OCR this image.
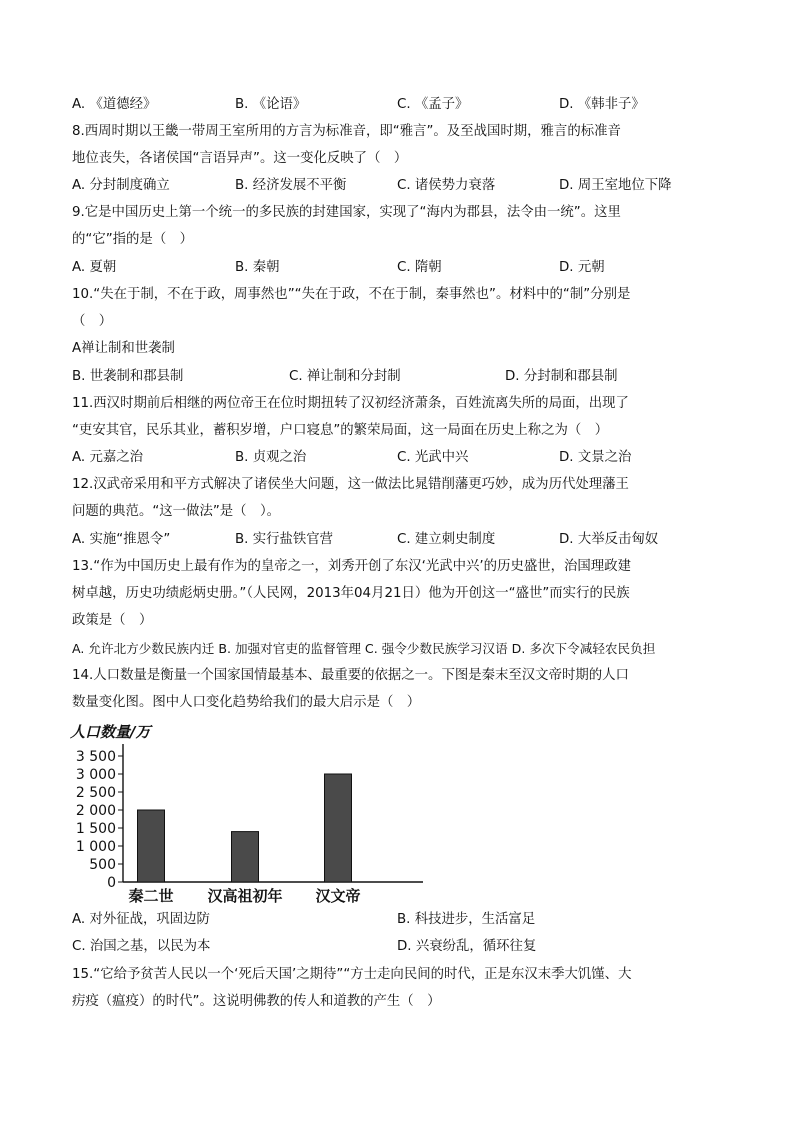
A. 《道德经》	B. 《论语》	C. 《孟子》	D. 《韩非子》
8.西周时期以王畿一带周王室所用的方言为标准音，即“雅言”。及至战国时期，雅言的标准音
地位丧失，各诸侯国“言语异声”。这一变化反映了（　）
A. 分封制度确立	B. 经济发展不平衡	C. 诸侯势力衰落	D. 周王室地位下降
9.它是中国历史上第一个统一的多民族的封建国家，实现了“海内为郡县，法令由一统”。这里
的“它”指的是（　）
A. 夏朝	B. 秦朝	C. 隋朝	D. 元朝
10.“失在于制，不在于政，周事然也”“失在于政，不在于制，秦事然也”。材料中的“制”分别是
（　）
A禅让制和世袭制
B. 世袭制和郡县制	C. 禅让制和分封制	D. 分封制和郡县制
11.西汉时期前后相继的两位帝王在位时期扭转了汉初经济萧条，百姓流离失所的局面，出现了
“吏安其官，民乐其业，蓄积岁增，户口寝息”的繁荣局面，这一局面在历史上称之为（　）
A. 元嘉之治	B. 贞观之治	C. 光武中兴	D. 文景之治
12.汉武帝采用和平方式解决了诸侯坐大问题，这一做法比晁错削藩更巧妙，成为历代处理藩王
问题的典范。“这一做法”是（　）。
A. 实施“推恩令”	B. 实行盐铁官营	C. 建立刺史制度	D. 大举反击匈奴
13.“作为中国历史上最有作为的皇帝之一，刘秀开创了东汉‘光武中兴’的历史盛世，治国理政建
树卓越，历史功绩彪炳史册。”（人民网，2013年04月21日）他为开创这一“盛世”而实行的民族
政策是（　）
A. 允许北方少数民族内迁 B. 加强对官吏的监督管理 C. 强令少数民族学习汉语 D. 多次下令减轻农民负担
14.人口数量是衡量一个国家国情最基本、最重要的依据之一。下图是秦末至汉文帝时期的人口
数量变化图。图中人口变化趋势给我们的最大启示是（　）
人口数量/万
0
500
1 000
1 500
2 000
2 500
3 000
3 500
秦二世 汉高祖初年 汉文帝
A. 对外征战，巩固边防	B. 科技进步，生活富足
C. 治国之基，以民为本	D. 兴衰纷乱，循环往复
15.“它给予贫苦人民以一个‘死后天国’之期待”“方士走向民间的时代，正是东汉末季大饥馑、大
疠疫（瘟疫）的时代”。这说明佛教的传人和道教的产生（　）
